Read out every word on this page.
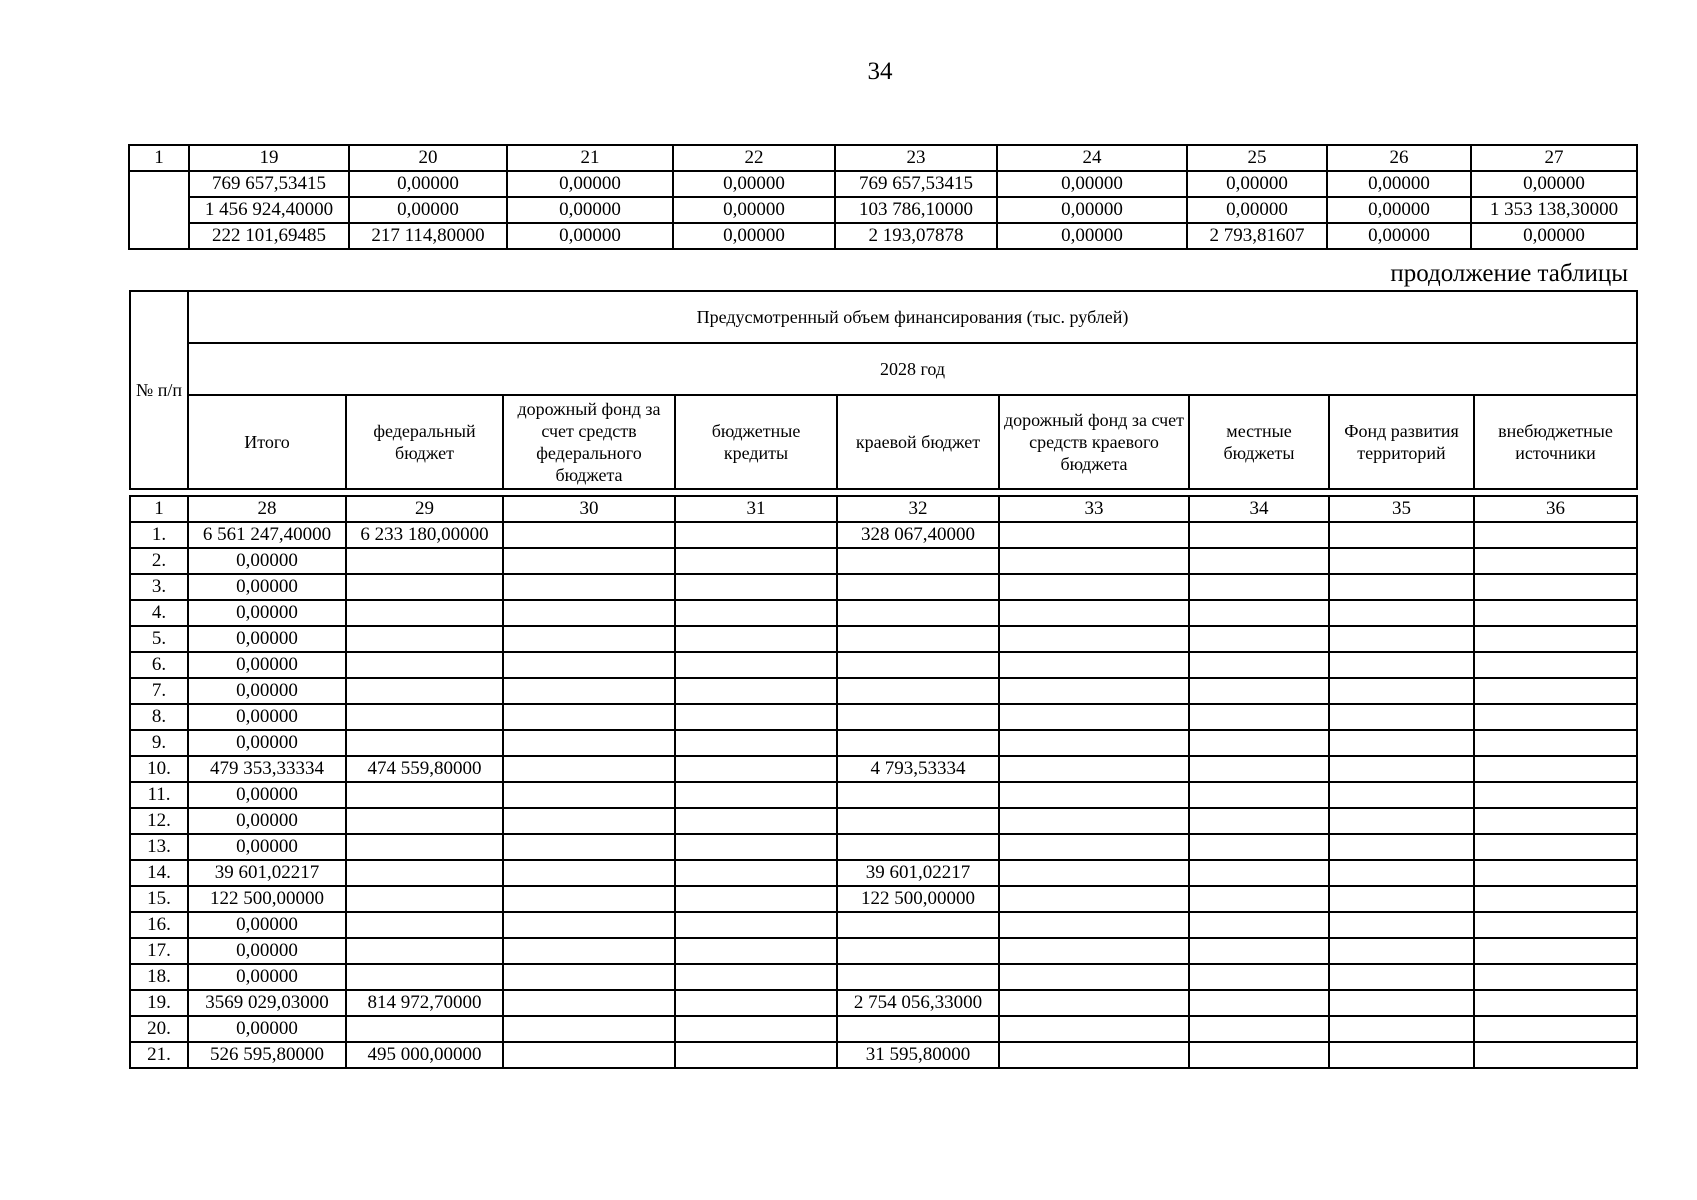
34
1	19	20	21	22	23	24	25	26	27
	769 657,53415	0,00000	0,00000	0,00000	769 657,53415	0,00000	0,00000	0,00000	0,00000
	1 456 924,40000	0,00000	0,00000	0,00000	103 786,10000	0,00000	0,00000	0,00000	1 353 138,30000
	222 101,69485	217 114,80000	0,00000	0,00000	2 193,07878	0,00000	2 793,81607	0,00000	0,00000
продолжение таблицы
№ п/п	Предусмотренный объем финансирования (тыс. рублей)								
	2028 год								
	Итого	федеральный бюджет	дорожный фонд за счет средств федерального бюджета	бюджетные кредиты	краевой бюджет	дорожный фонд за счет средств краевого бюджета	местные бюджеты	Фонд развития территорий	внебюджетные источники
1	28	29	30	31	32	33	34	35	36
1.	6 561 247,40000	6 233 180,00000			328 067,40000				
2.	0,00000								
3.	0,00000								
4.	0,00000								
5.	0,00000								
6.	0,00000								
7.	0,00000								
8.	0,00000								
9.	0,00000								
10.	479 353,33334	474 559,80000			4 793,53334				
11.	0,00000								
12.	0,00000								
13.	0,00000								
14.	39 601,02217				39 601,02217				
15.	122 500,00000				122 500,00000				
16.	0,00000								
17.	0,00000								
18.	0,00000								
19.	3569 029,03000	814 972,70000			2 754 056,33000				
20.	0,00000								
21.	526 595,80000	495 000,00000			31 595,80000				
